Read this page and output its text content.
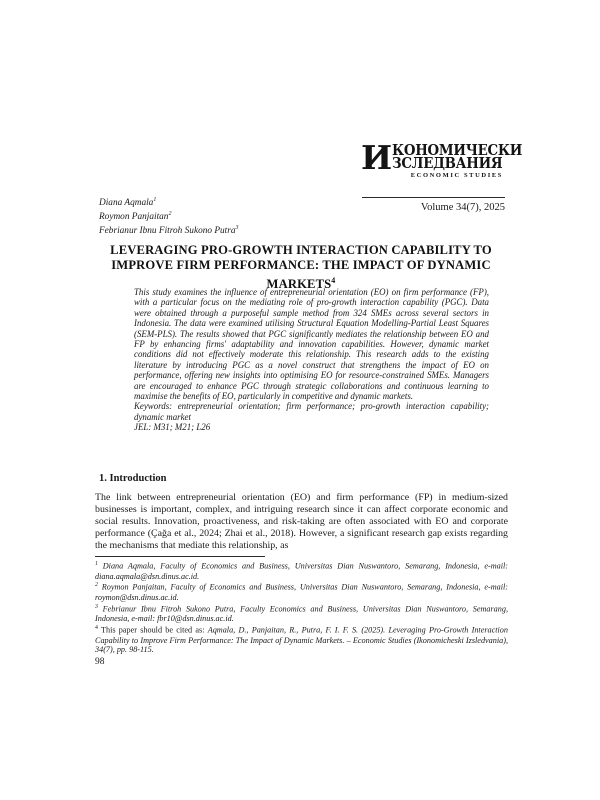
И КОНОМИЧЕСКИ
ЗСЛЕДВАНИЯ
ECONOMIC STUDIES
Volume 34(7), 2025
Diana Aqmala$^1$
Roymon Panjaitan$^2$
Febrianur Ibnu Fitroh Sukono Putra$^3$
LEVERAGING PRO-GROWTH INTERACTION CAPABILITY TO IMPROVE FIRM PERFORMANCE: THE IMPACT OF DYNAMIC MARKETS$^4$

This study examines the influence of entrepreneurial orientation (EO) on firm performance (FP), with a particular focus on the mediating role of pro-growth interaction capability (PGC). Data were obtained through a purposeful sample method from 324 SMEs across several sectors in Indonesia. The data were examined utilising Structural Equation Modelling-Partial Least Squares (SEM-PLS). The results showed that PGC significantly mediates the relationship between EO and FP by enhancing firms' adaptability and innovation capabilities. However, dynamic market conditions did not effectively moderate this relationship. This research adds to the existing literature by introducing PGC as a novel construct that strengthens the impact of EO on performance, offering new insights into optimising EO for resource-constrained SMEs. Managers are encouraged to enhance PGC through strategic collaborations and continuous learning to maximise the benefits of EO, particularly in competitive and dynamic markets.

Keywords: entrepreneurial orientation; firm performance; pro-growth interaction capability; dynamic market

JEL: M31; M21; L26

1. Introduction

The link between entrepreneurial orientation (EO) and firm performance (FP) in medium-sized businesses is important, complex, and intriguing research since it can affect corporate economic and social results. Innovation, proactiveness, and risk-taking are often associated with EO and corporate performance (Çağa et al., 2024; Zhai et al., 2018). However, a significant research gap exists regarding the mechanisms that mediate this relationship, as

$^1$ Diana Aqmala, Faculty of Economics and Business, Universitas Dian Nuswantoro, Semarang, Indonesia, e-mail: diana.aqmala@dsn.dinus.ac.id.

$^2$ Roymon Panjaitan, Faculty of Economics and Business, Universitas Dian Nuswantoro, Semarang, Indonesia, e-mail: roymon@dsn.dinus.ac.id.

$^3$ Febrianur Ibnu Fitroh Sukono Putra, Faculty Economics and Business, Universitas Dian Nuswantoro, Semarang, Indonesia, e-mail: fbr10@dsn.dinus.ac.id.

$^4$ This paper should be cited as: Aqmala, D., Panjaitan, R., Putra, F. I. F. S. (2025). Leveraging Pro-Growth Interaction Capability to Improve Firm Performance: The Impact of Dynamic Markets. – Economic Studies (Ikonomicheski Izsledvania), 34(7), pp. 98-115.

98
